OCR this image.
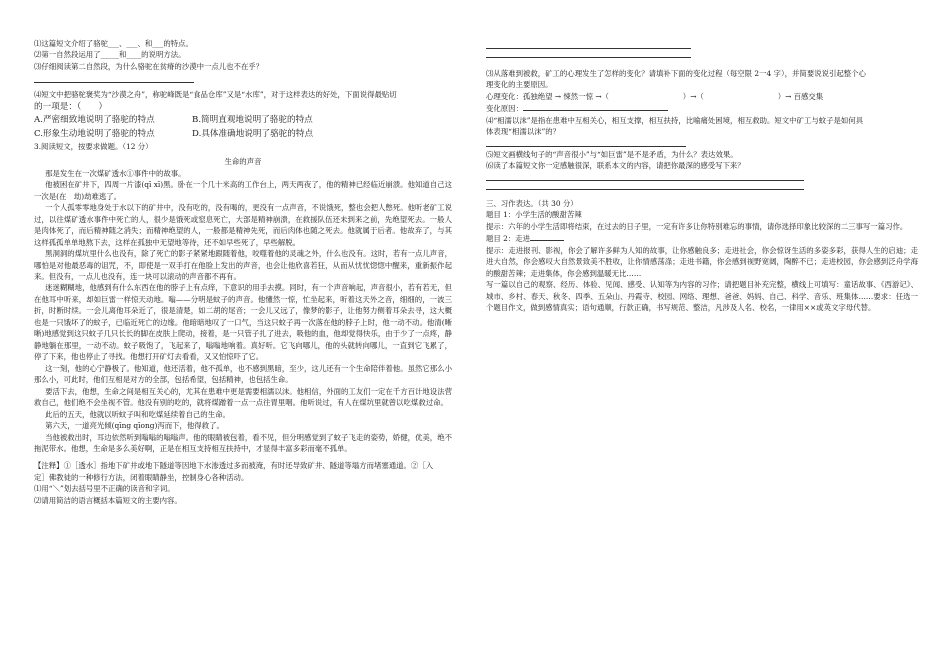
⑴这篇短文介绍了骆驼___、___、和___的特点。
⑵第一自然段运用了_____和____的说明方法。
⑶仔细阅读第二自然段，为什么骆驼在贫瘠的沙漠中一点儿也不在乎？
⑷短文中把骆驼褒奖为“沙漠之舟”，称驼峰既是“食品仓库”又是“水库”，对于这样表达的好处，下面说得最贴切
的一项是：（　　）
A.严密细致地说明了骆驼的特点	B.简明直观地说明了骆驼的特点
C.形象生动地说明了骆驼的特点	D.具体准确地说明了骆驼的特点
3.阅读短文，按要求做题。（12 分）
生命的声音

那是发生在一次煤矿透水①事件中的故事。

他被困在矿井下，四周一片漆(qī xī)黑。卧在一个几十米高的工作台上，两天两夜了，他的精神已经临近崩溃。他知道自己这一次是(在　劫)劫难逃了。

一个人孤零零地身处于水以下的矿井中，没有吃的，没有喝的，更没有一点声音，不说饿死，整也会把人憋死。他听老矿工说过，以往煤矿透水事件中死亡的人，很少是饿死或窒息死亡，大部是精神崩溃，在救援队伍还未到来之前，先绝望死去。一般人是肉体死了，而后精神随之消失；而精神绝望的人，一般都是精神先死，而后肉体也随之死去。他就属于后者。他故弃了，与其这样孤孤单单地熬下去，这样在孤独中无望地等待，还不如早些死了，早些解脱。

黑洞洞的煤坑里什么也没有，除了死亡的影子紧紧地跟随着他，咬噬着他的灵魂之外，什么也没有。这时，若有一点儿声音，哪怕是对他最恶毒的诅咒，不，即使是一双手打在他脸上发出的声音，也会让他欣喜若狂，从而从忧忧惚惚中醒来，重新振作起来。但没有，一点儿也没有，连一块可以滚动的声音都不再有。

迷迷糊糊地，他感到有什么东西在他的脖子上有点痒，下意识的用手去摸。同时，有一个声音响起，声音很小，若有若无，但在他耳中听来，却如巨雷一样惊天动地。嗡——分明是蚊子的声音。他懂然一惊，忙坐起来，听着这天外之音，细细的，一波三折，时断时续。一会儿离他耳朵近了，很是清楚，如二胡的尾音；一会儿又远了，像梦的影子，让他努力侧着耳朵去寻，这大概也是一只饿坏了的蚊子，已临近死亡的边缘。他暗暗地叹了一口气，当这只蚊子再一次落在他的脖子上时，他一动不动。他清(晰 晰)地感觉到这只蚊子几只长长的脚在皮肤上爬动，接着，是一只管子扎了进去，吸他的血，他却觉得快乐，由于少了一点疼，静静地躺在那里，一动不动。蚊子吸饱了，飞起来了，嗡嗡地响着。真好听。它飞向哪儿，他的头就转向哪儿，一直到它飞累了，停了下来，他也停止了寻找。他想打开矿灯去看看，又又怕惊吓了它。

这一刻，他的心宁静极了。他知道，他还活着，他不孤单，也不感到黑暗，至少，这儿还有一个生命陪伴着他。虽然它那么小那么小，可此时，他们互相是对方的全部，包括希望，包括精神，也包括生命。

要活下去，他想，生命之间是相互关心的，尤其在患难中更是需要相濡以沫。他相信，外面的工友们一定在千方百计地设法营救自己，他们绝不会坐视不管。他没有别的吃的，就将煤蹭着一点一点往胃里咽。他听说过，有人在煤坑里就曾以吃煤救过命。

此后的五天，他就以听蚊子叫和吃煤延续着自己的生命。

第六天，一道亮光倾(qīng qīong)泻而下，他得救了。

当他被救出时，耳边依然听到嗡嗡的嗡嗡声。他的眼睛被包着，看不见，但分明感觉到了蚊子飞走的姿势，娇健，优美，绝不拖泥带水。他想，生命是多么美好啊，正是在相互支持相互扶持中，才显得丰富多彩而毫不孤单。

【注释】①［透水］指地下矿井或地下隧道等因地下水渗透过多而被淹，有时还导致矿井、隧道等塌方而堵塞通道。②［入
定］佛教徒的一种修行方法，闭着眼睛静坐，控制身心各种活动。
⑴用“＼”划去括号里不正确的读音和字词。
⑵请用简洁的语言概括本篇短文的主要内容。
⑶从落难到被救，矿工的心理发生了怎样的变化？请填补下面的变化过程（每空限 2一4 字），并简要说说引起整个心
理变化的主要原因。
心理变化：孤独绝望 → 悚然一惊 →（　　　　　　　　　　）→（　　　　　　　　　　）→ 百感交集
变化原因：
⑷“相濡以沫”是指在患难中互相关心，相互支撑，相互扶持，比喻痛处困境，相互救助。短文中矿工与蚊子是如何具
体表现“相濡以沫”的？
⑸短文画横线句子的“声音很小”与“如巨雷”是不是矛盾，为什么？表达效果。
⑹读了本篇短文你一定感触很深，联系本文的内容，请把你最深的感受写下来？
三、习作表达。（共 30 分）
题目 1：小学生活的酸甜苦辣

提示：六年的小学生活即将结束，在过去的日子里，一定有许多让你特别难忘的事情，请你选择印象比较深的二三事写一篇习作。

题目 2：走进

提示：走进报刊、影视，你会了解许多鲜为人知的故事，让你感触良多；走进社会，你会惊讶生活的多姿多彩，获得人生的启迪；走进大自然，你会感叹大自然景致美不胜收，让你情感荡涤；走进书籍，你会感到视野宽阔，陶醉不已；走进校园，你会感到泛舟学海的酸甜苦辣；走进集体，你会感到温暖无比……

写一篇以自己的观察、经历、体验、见闻、感受、认知等为内容的习作；请把题目补充完整，横线上可填写：童话故事、《西游记》、城市、乡村、春天、秋冬、四季、五朵山、丹霞寺、校园、网络、理想、爸爸、妈妈、自己、科学、音乐、班集体……要求：任选一个题目作文，做到感情真实；语句通顺，行款正确，书写规范、整洁，凡涉及人名、校名，一律用××或英文字母代替。
